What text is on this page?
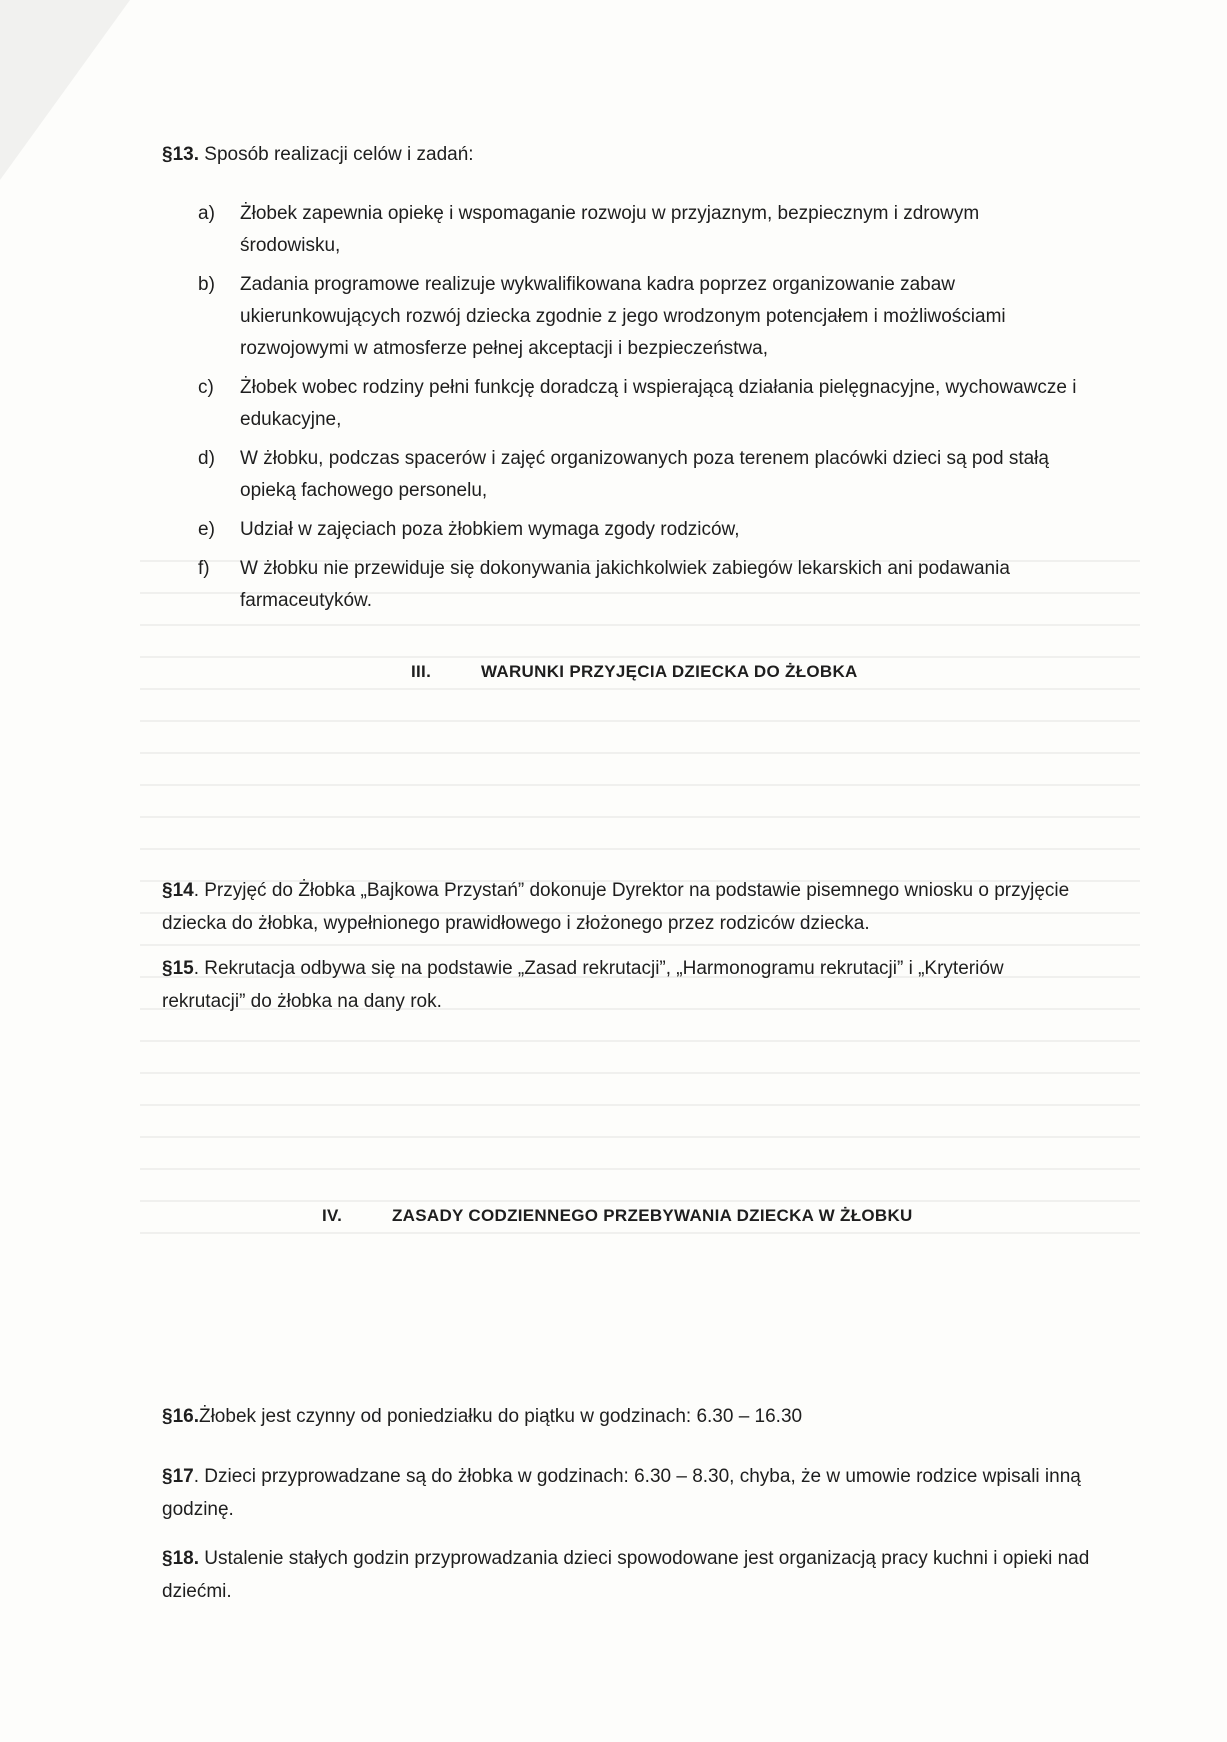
§13. Sposób realizacji celów i zadań:
a) Żłobek zapewnia opiekę i wspomaganie rozwoju w przyjaznym, bezpiecznym i zdrowym środowisku,
b) Zadania programowe realizuje wykwalifikowana kadra poprzez organizowanie zabaw ukierunkowujących rozwój dziecka zgodnie z jego wrodzonym potencjałem i możliwościami rozwojowymi w atmosferze pełnej akceptacji i bezpieczeństwa,
c) Żłobek wobec rodziny pełni funkcję doradczą i wspierającą działania pielęgnacyjne, wychowawcze i edukacyjne,
d) W żłobku, podczas spacerów i zajęć organizowanych poza terenem placówki dzieci są pod stałą opieką fachowego personelu,
e) Udział w zajęciach poza żłobkiem wymaga zgody rodziców,
f) W żłobku nie przewiduje się dokonywania jakichkolwiek zabiegów lekarskich ani podawania farmaceutyków.
III.	WARUNKI PRZYJĘCIA DZIECKA DO ŻŁOBKA
§14. Przyjęć do Żłobka „Bajkowa Przystań” dokonuje Dyrektor na podstawie pisemnego wniosku o przyjęcie dziecka do żłobka, wypełnionego prawidłowego i złożonego przez rodziców dziecka.
§15. Rekrutacja odbywa się na podstawie „Zasad rekrutacji”, „Harmonogramu rekrutacji” i „Kryteriów rekrutacji” do żłobka na dany rok.
IV.	ZASADY CODZIENNEGO PRZEBYWANIA DZIECKA W ŻŁOBKU
§16.Żłobek jest czynny od poniedziałku do piątku w godzinach: 6.30 – 16.30
§17. Dzieci przyprowadzane są do żłobka w godzinach: 6.30 – 8.30, chyba, że w umowie rodzice wpisali inną godzinę.
§18. Ustalenie stałych godzin przyprowadzania dzieci spowodowane jest organizacją pracy kuchni i opieki nad dziećmi.
